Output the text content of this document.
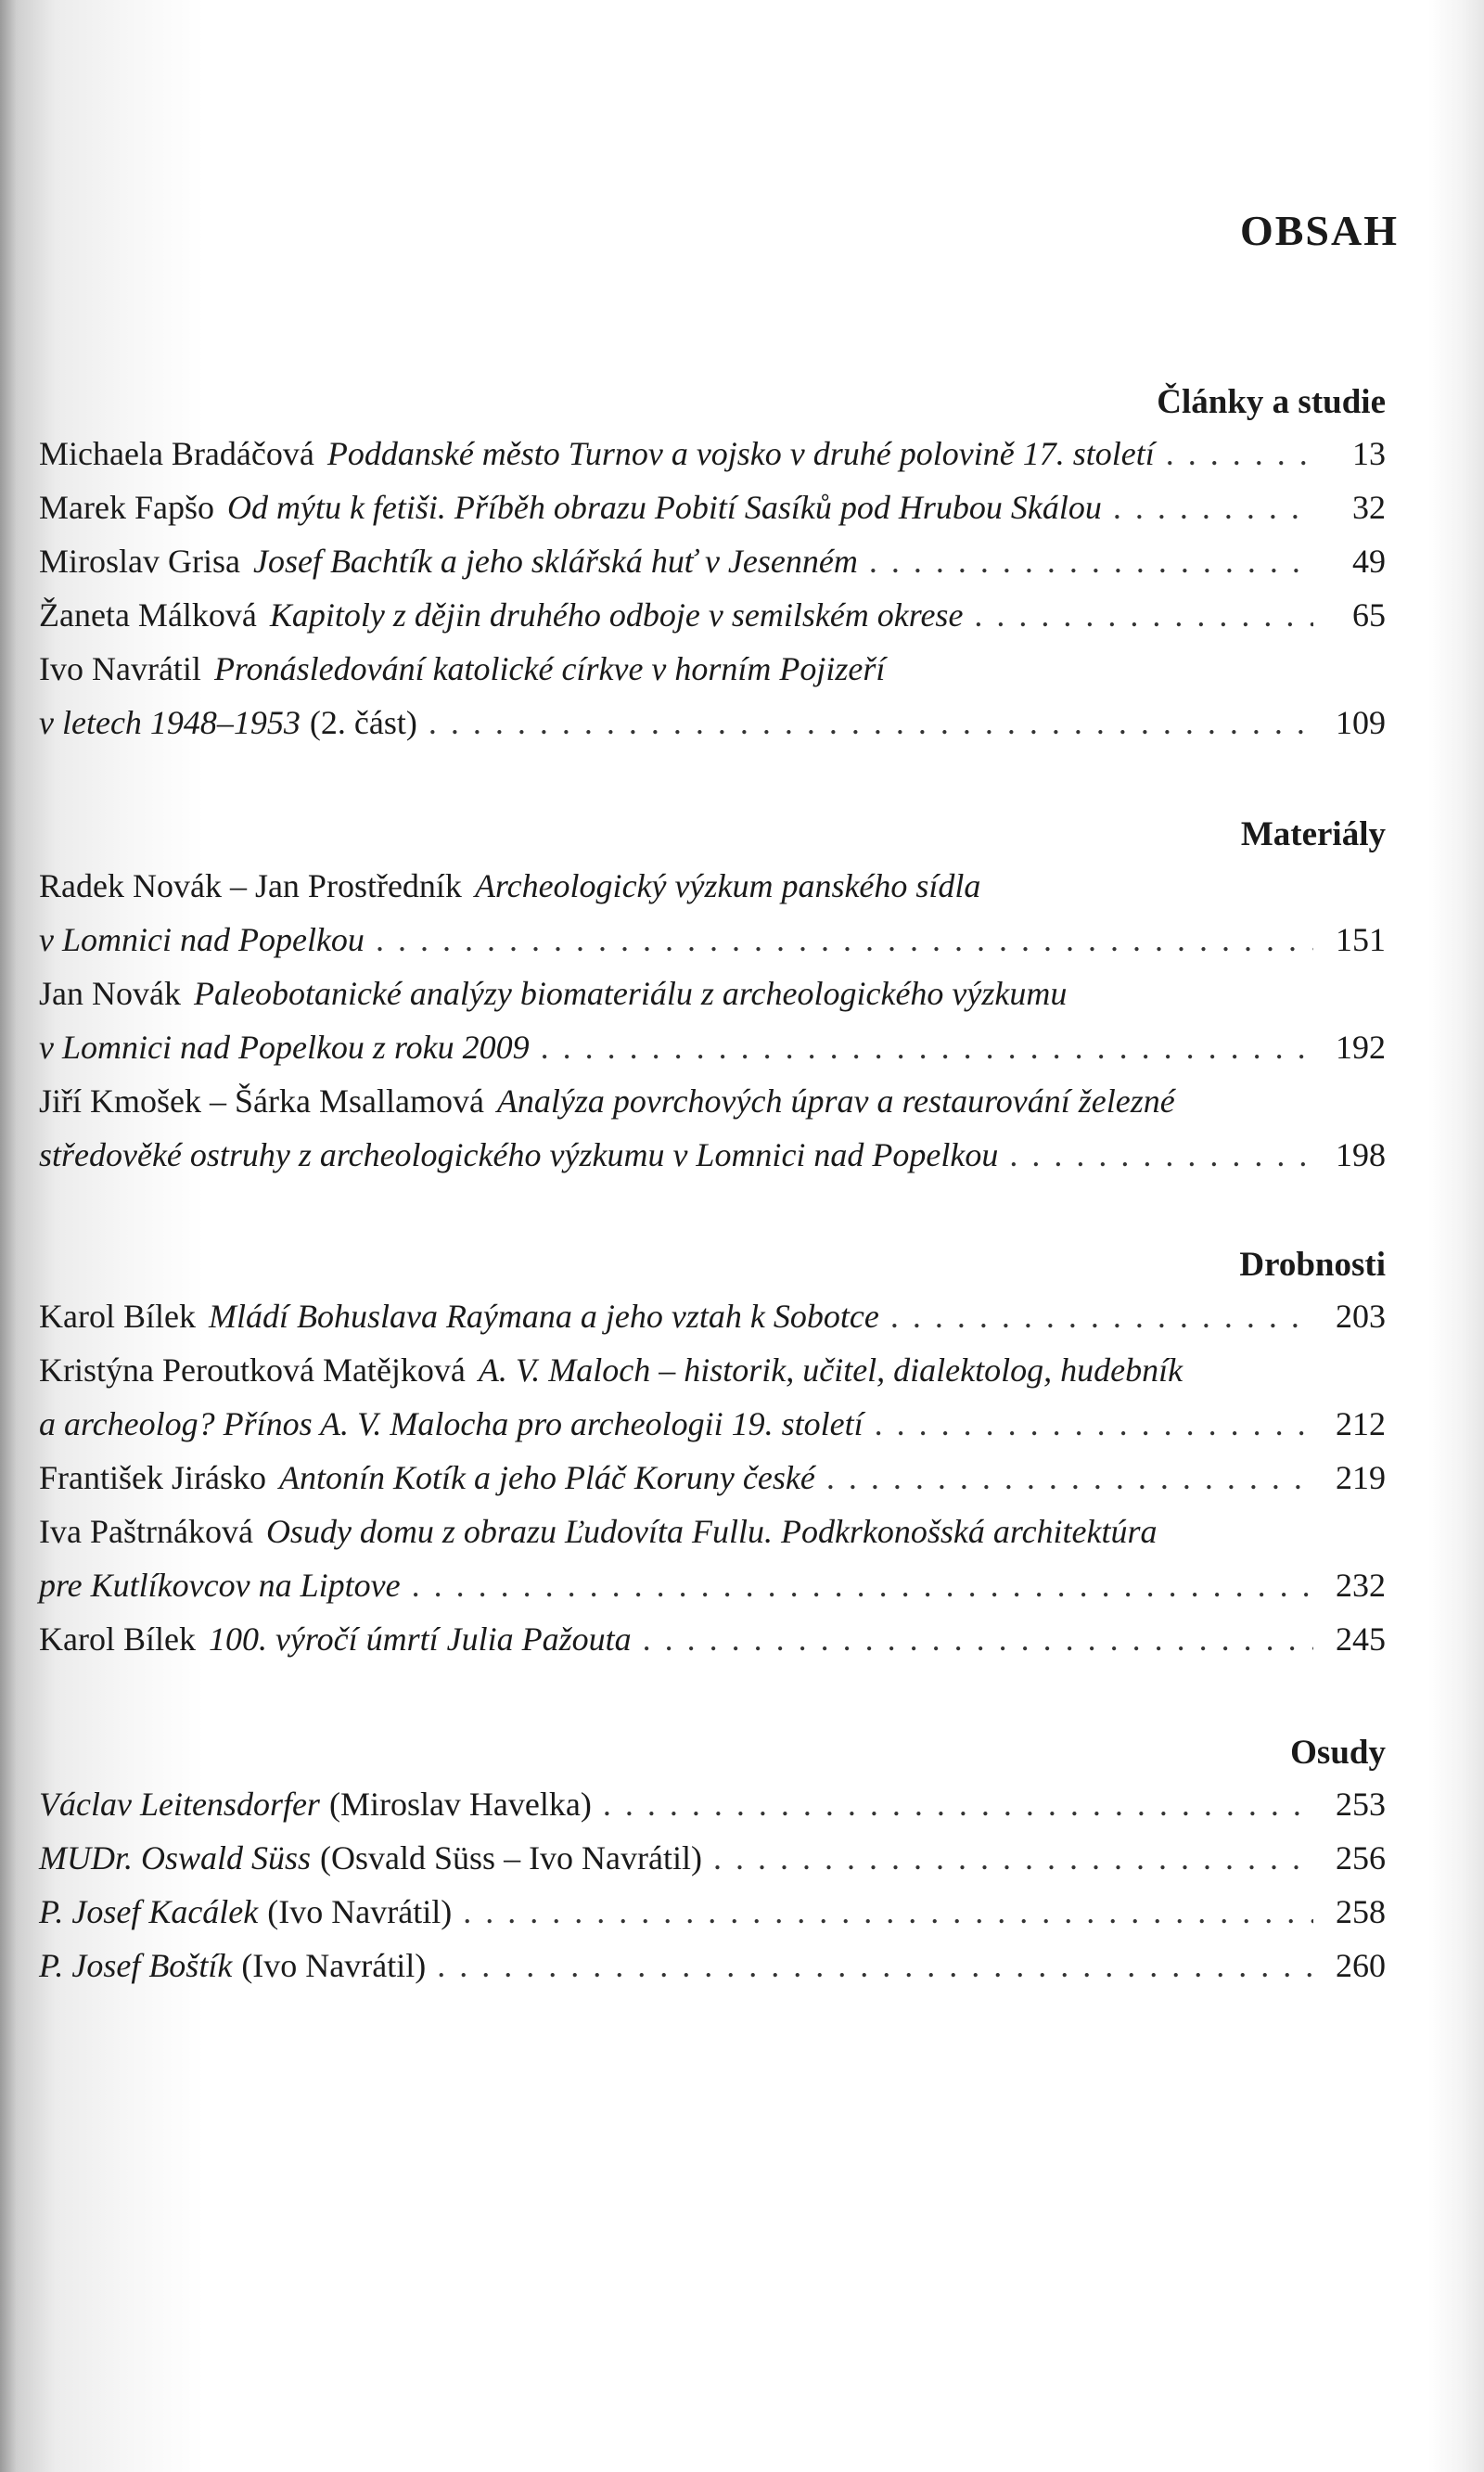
OBSAH
Články a studie
Michaela Bradáčová Poddanské město Turnov a vojsko v druhé polovině 17. století . . .	13
Marek Fapšo Od mýtu k fetiši. Příběh obrazu Pobití Sasíků pod Hrubou Skálou . . .	32
Miroslav Grisa Josef Bachtík a jeho sklářská huť v Jesenném . . .	49
Žaneta Málková Kapitoly z dějin druhého odboje v semilském okrese . . .	65
Ivo Navrátil Pronásledování katolické církve v horním Pojizeří
v letech 1948–1953 (2. část) . . .	109
Materiály
Radek Novák – Jan Prostředník Archeologický výzkum panského sídla
v Lomnici nad Popelkou . . .	151
Jan Novák Paleobotanické analýzy biomateriálu z archeologického výzkumu
v Lomnici nad Popelkou z roku 2009 . . .	192
Jiří Kmošek – Šárka Msallamová Analýza povrchových úprav a restaurování železné
středověké ostruhy z archeologického výzkumu v Lomnici nad Popelkou . . .	198
Drobnosti
Karol Bílek Mládí Bohuslava Raýmana a jeho vztah k Sobotce . . .	203
Kristýna Peroutková Matějková A. V. Maloch – historik, učitel, dialektolog, hudebník
a archeolog? Přínos A. V. Malocha pro archeologii 19. století . . .	212
František Jirásko Antonín Kotík a jeho Pláč Koruny české . . .	219
Iva Paštrnáková Osudy domu z obrazu Ľudovíta Fullu. Podkrkonošská architektúra
pre Kutlíkovcov na Liptove . . .	232
Karol Bílek 100. výročí úmrtí Julia Pažouta . . .	245
Osudy
Václav Leitensdorfer (Miroslav Havelka) . . .	253
MUDr. Oswald Süss (Osvald Süss – Ivo Navrátil) . . .	256
P. Josef Kacálek (Ivo Navrátil) . . .	258
P. Josef Boštík (Ivo Navrátil) . . .	260
